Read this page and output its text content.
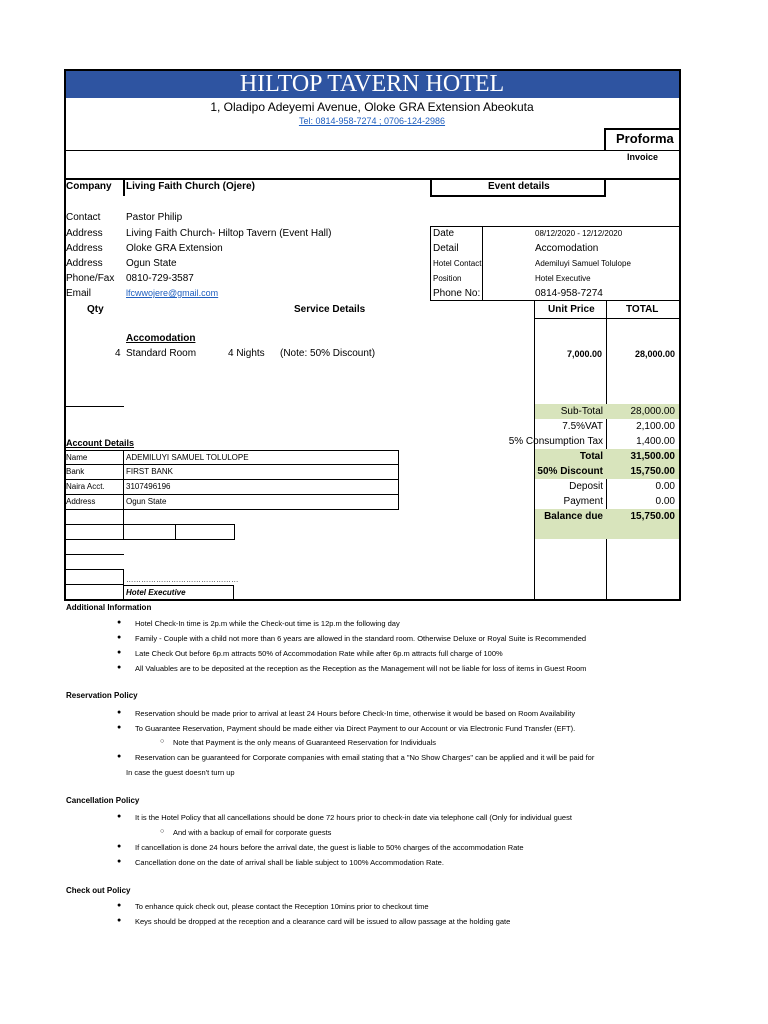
HILTOP TAVERN HOTEL
1, Oladipo Adeyemi Avenue, Oloke GRA Extension Abeokuta
Tel: 0814-958-7274 ; 0706-124-2986
Proforma
Invoice
Company Living Faith Church (Ojere)	Event details
Contact	Pastor Philip
Address Living Faith Church- Hiltop Tavern (Event Hall)
Address Oloke GRA Extension
Address Ogun State
Phone/Fax 0810-729-3587
Email	lfcwwojere@gmail.com
Date	08/12/2020 - 12/12/2020
Detail	Accomodation
Hotel Contact	Ademiluyi Samuel Tolulope
Position	Hotel Executive
Phone No:	0814-958-7274
Qty	Service Details	Unit Price	TOTAL
Accomodation
4 Standard Room	4 Nights (Note: 50% Discount)	7,000.00	28,000.00
Sub-Total	28,000.00
7.5%VAT	2,100.00
5% Consumption Tax	1,400.00
Total	31,500.00
50% Discount	15,750.00
Deposit	0.00
Payment	0.00
Balance due	15,750.00
Account Details
Name	ADEMILUYI SAMUEL TOLULOPE
Bank	FIRST BANK
Naira Acct.	3107496196
Address	Ogun State
………………………………………
Hotel Executive
Additional Information
● Hotel Check-In time is 2p.m while the Check-out time is 12p.m the following day
● Family - Couple with a child not more than 6 years are allowed in the standard room. Otherwise Deluxe or Royal Suite is Recommended
● Late Check Out before 6p.m attracts 50% of Accommodation Rate while after 6p.m attracts full charge of 100%
● All Valuables are to be deposited at the reception as the Reception as the Management will not be liable for loss of items in Guest Room
Reservation Policy
● Reservation should be made prior to arrival at least 24 Hours before Check-In time, otherwise it would be based on Room Availability
● To Guarantee Reservation, Payment should be made either via Direct Payment to our Account or via Electronic Fund Transfer (EFT).
○ Note that Payment is the only means of Guaranteed Reservation for Individuals
● Reservation can be guaranteed for Corporate companies with email stating that a "No Show Charges" can be applied and it will be paid for
In case the guest doesn't turn up
Cancellation Policy
● It is the Hotel Policy that all cancellations should be done 72 hours prior to check-in date via telephone call (Only for individual guest
○ And with a backup of email for corporate guests
● If cancellation is done 24 hours before the arrival date, the guest is liable to 50% charges of the accommodation Rate
● Cancellation done on the date of arrival shall be liable subject to 100% Accommodation Rate.
Check out Policy
● To enhance quick check out, please contact the Reception 10mins prior to checkout time
● Keys should be dropped at the reception and a clearance card will be issued to allow passage at the holding gate
